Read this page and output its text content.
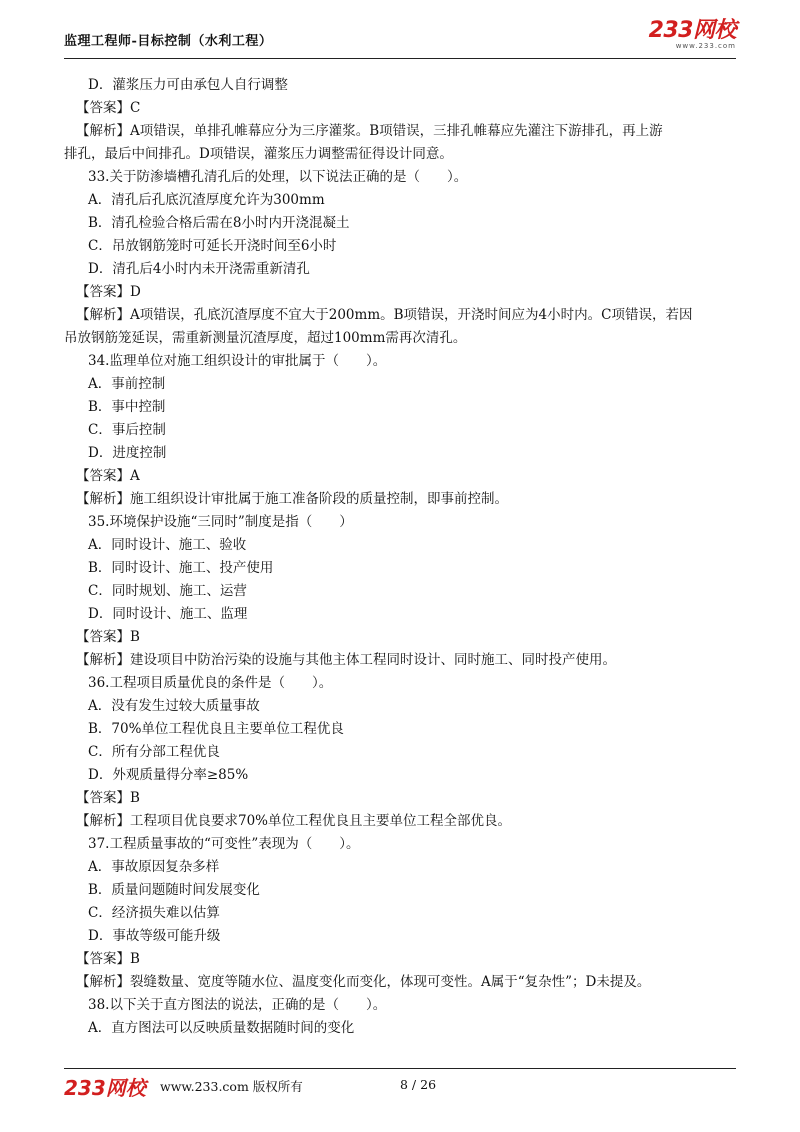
监理工程师-目标控制（水利工程）	233网校
www.233.com
D．灌浆压力可由承包人自行调整
【答案】C
【解析】A项错误，单排孔帷幕应分为三序灌浆。B项错误，三排孔帷幕应先灌注下游排孔，再上游
排孔，最后中间排孔。D项错误，灌浆压力调整需征得设计同意。
33.关于防渗墙槽孔清孔后的处理，以下说法正确的是（　　）。
A．清孔后孔底沉渣厚度允许为300mm
B．清孔检验合格后需在8小时内开浇混凝土
C．吊放钢筋笼时可延长开浇时间至6小时
D．清孔后4小时内未开浇需重新清孔
【答案】D
【解析】A项错误，孔底沉渣厚度不宜大于200mm。B项错误，开浇时间应为4小时内。C项错误，若因
吊放钢筋笼延误，需重新测量沉渣厚度，超过100mm需再次清孔。
34.监理单位对施工组织设计的审批属于（　　）。
A．事前控制
B．事中控制
C．事后控制
D．进度控制
【答案】A
【解析】施工组织设计审批属于施工准备阶段的质量控制，即事前控制。
35.环境保护设施“三同时”制度是指（　　）
A．同时设计、施工、验收
B．同时设计、施工、投产使用
C．同时规划、施工、运营
D．同时设计、施工、监理
【答案】B
【解析】建设项目中防治污染的设施与其他主体工程同时设计、同时施工、同时投产使用。
36.工程项目质量优良的条件是（　　）。
A．没有发生过较大质量事故
B．70%单位工程优良且主要单位工程优良
C．所有分部工程优良
D．外观质量得分率≥85%
【答案】B
【解析】工程项目优良要求70%单位工程优良且主要单位工程全部优良。
37.工程质量事故的“可变性”表现为（　　）。
A．事故原因复杂多样
B．质量问题随时间发展变化
C．经济损失难以估算
D．事故等级可能升级
【答案】B
【解析】裂缝数量、宽度等随水位、温度变化而变化，体现可变性。A属于“复杂性”；D未提及。
38.以下关于直方图法的说法，正确的是（　　）。
A．直方图法可以反映质量数据随时间的变化
233网校 www.233.com 版权所有	8 / 26
